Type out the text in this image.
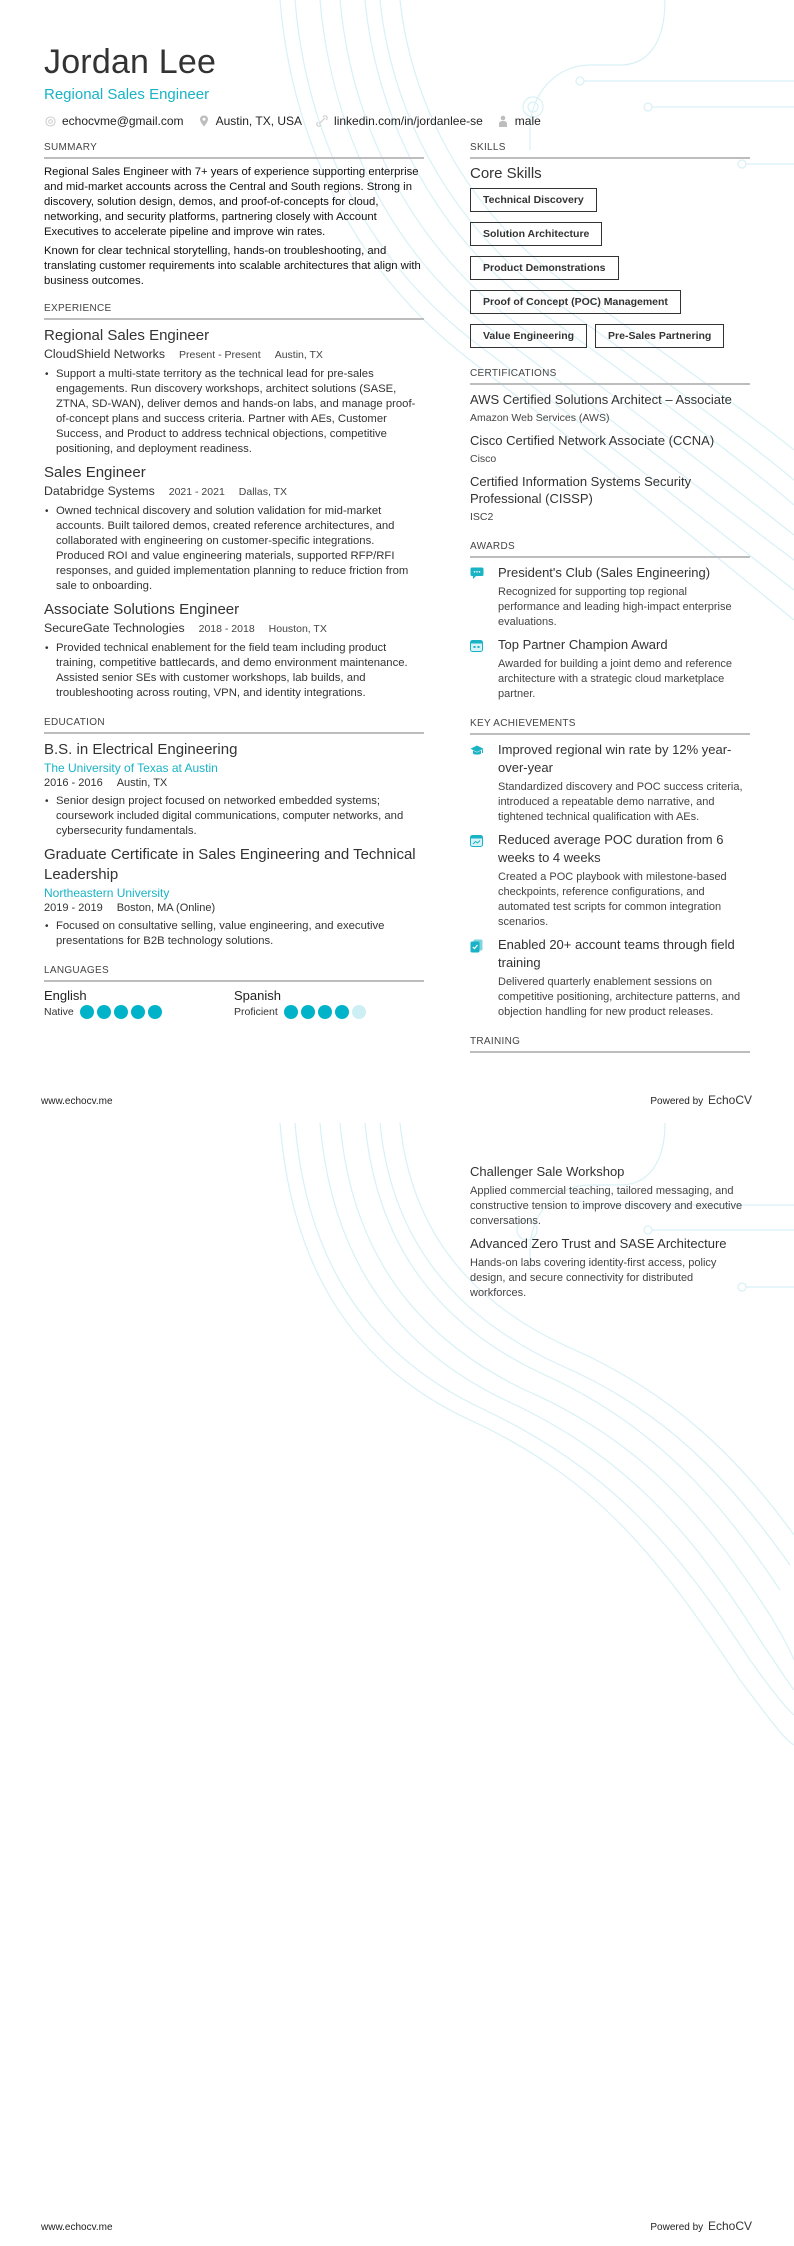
Jordan Lee
Regional Sales Engineer
echocvme@gmail.com	Austin, TX, USA	linkedin.com/in/jordanlee-se	male
SUMMARY

Regional Sales Engineer with 7+ years of experience supporting enterprise and mid-market accounts across the Central and South regions. Strong in discovery, solution design, demos, and proof-of-concepts for cloud, networking, and security platforms, partnering closely with Account Executives to accelerate pipeline and improve win rates.

Known for clear technical storytelling, hands-on troubleshooting, and translating customer requirements into scalable architectures that align with business outcomes.

EXPERIENCE
Regional Sales Engineer
CloudShield Networks Present - Present Austin, TX
• Support a multi-state territory as the technical lead for pre-sales engagements. Run discovery workshops, architect solutions (SASE, ZTNA, SD-WAN), deliver demos and hands-on labs, and manage proof-of-concept plans and success criteria. Partner with AEs, Customer Success, and Product to address technical objections, competitive positioning, and deployment readiness.
Sales Engineer
Databridge Systems 2021 - 2021 Dallas, TX
• Owned technical discovery and solution validation for mid-market accounts. Built tailored demos, created reference architectures, and collaborated with engineering on customer-specific integrations. Produced ROI and value engineering materials, supported RFP/RFI responses, and guided implementation planning to reduce friction from sale to onboarding.
Associate Solutions Engineer
SecureGate Technologies 2018 - 2018 Houston, TX
• Provided technical enablement for the field team including product training, competitive battlecards, and demo environment maintenance. Assisted senior SEs with customer workshops, lab builds, and troubleshooting across routing, VPN, and identity integrations.
EDUCATION
B.S. in Electrical Engineering
The University of Texas at Austin
2016 - 2016 Austin, TX
• Senior design project focused on networked embedded systems; coursework included digital communications, computer networks, and cybersecurity fundamentals.
Graduate Certificate in Sales Engineering and Technical Leadership
Northeastern University
2019 - 2019 Boston, MA (Online)
• Focused on consultative selling, value engineering, and executive presentations for B2B technology solutions.
LANGUAGES
English
Native
Spanish
Proficient
SKILLS
Core Skills
Technical Discovery
Solution Architecture
Product Demonstrations
Proof of Concept (POC) Management
Value Engineering	Pre-Sales Partnering
CERTIFICATIONS
AWS Certified Solutions Architect – Associate
Amazon Web Services (AWS)
Cisco Certified Network Associate (CCNA)
Cisco
Certified Information Systems Security Professional (CISSP)
ISC2
AWARDS
President's Club (Sales Engineering)
Recognized for supporting top regional performance and leading high-impact enterprise evaluations.
Top Partner Champion Award
Awarded for building a joint demo and reference architecture with a strategic cloud marketplace partner.
KEY ACHIEVEMENTS
Improved regional win rate by 12% year-over-year
Standardized discovery and POC success criteria, introduced a repeatable demo narrative, and tightened technical qualification with AEs.
Reduced average POC duration from 6 weeks to 4 weeks
Created a POC playbook with milestone-based checkpoints, reference configurations, and automated test scripts for common integration scenarios.
Enabled 20+ account teams through field training
Delivered quarterly enablement sessions on competitive positioning, architecture patterns, and objection handling for new product releases.
TRAINING
www.echocv.me	Powered by EchoCV
Challenger Sale Workshop
Applied commercial teaching, tailored messaging, and constructive tension to improve discovery and executive conversations.
Advanced Zero Trust and SASE Architecture
Hands-on labs covering identity-first access, policy design, and secure connectivity for distributed workforces.
www.echocv.me	Powered by EchoCV
